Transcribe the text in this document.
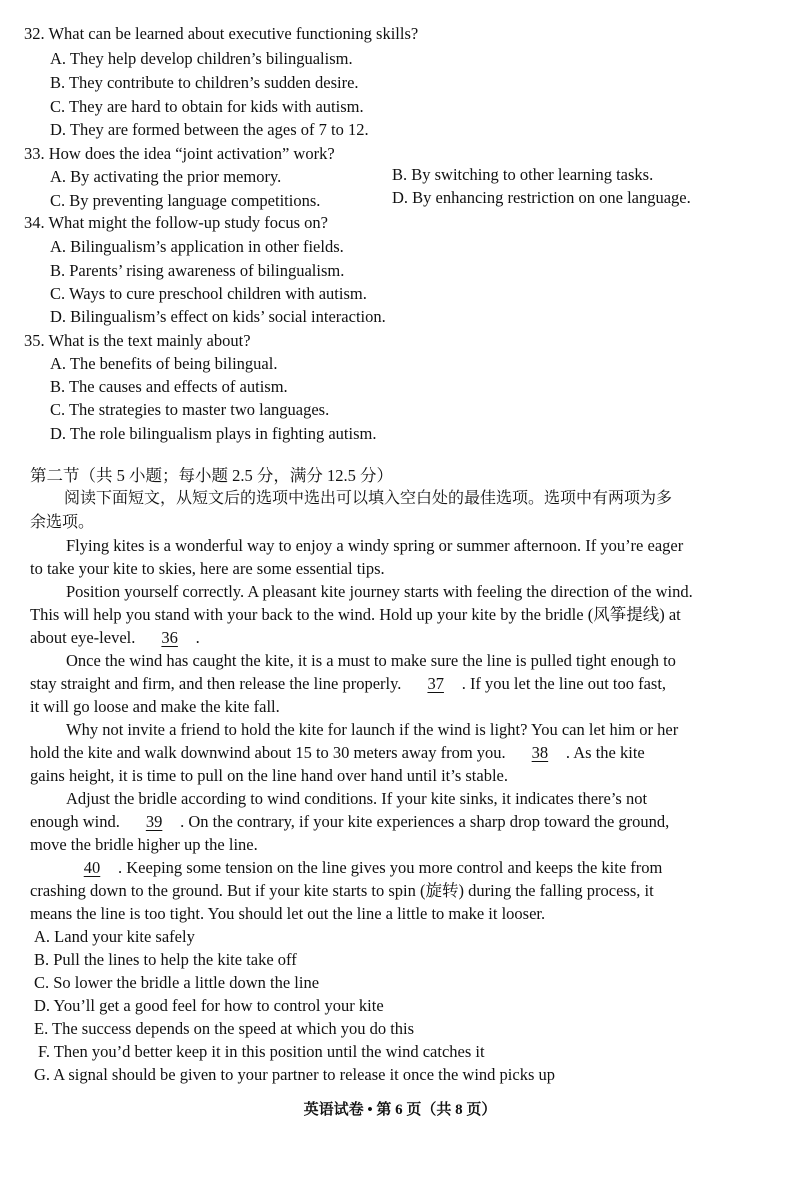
32. What can be learned about executive functioning skills?
A. They help develop children’s bilingualism.
B. They contribute to children’s sudden desire.
C. They are hard to obtain for kids with autism.
D. They are formed between the ages of 7 to 12.
33. How does the idea “joint activation” work?
A. By activating the prior memory.	B. By switching to other learning tasks.
C. By preventing language competitions.	D. By enhancing restriction on one language.
34. What might the follow-up study focus on?
A. Bilingualism’s application in other fields.
B. Parents’ rising awareness of bilingualism.
C. Ways to cure preschool children with autism.
D. Bilingualism’s effect on kids’ social interaction.
35. What is the text mainly about?
A. The benefits of being bilingual.
B. The causes and effects of autism.
C. The strategies to master two languages.
D. The role bilingualism plays in fighting autism.
第二节（共 5 小题；每小题 2.5 分，满分 12.5 分）
阅读下面短文，从短文后的选项中选出可以填入空白处的最佳选项。选项中有两项为多
余选项。
Flying kites is a wonderful way to enjoy a windy spring or summer afternoon. If you’re eager
to take your kite to skies, here are some essential tips.
Position yourself correctly. A pleasant kite journey starts with feeling the direction of the wind.
This will help you stand with your back to the wind. Hold up your kite by the bridle (风筝提线) at
about eye-level. 36 .
Once the wind has caught the kite, it is a must to make sure the line is pulled tight enough to
stay straight and firm, and then release the line properly. 37 . If you let the line out too fast,
it will go loose and make the kite fall.
Why not invite a friend to hold the kite for launch if the wind is light? You can let him or her
hold the kite and walk downwind about 15 to 30 meters away from you. 38 . As the kite
gains height, it is time to pull on the line hand over hand until it’s stable.
Adjust the bridle according to wind conditions. If your kite sinks, it indicates there’s not
enough wind. 39 . On the contrary, if your kite experiences a sharp drop toward the ground,
move the bridle higher up the line.
40 . Keeping some tension on the line gives you more control and keeps the kite from
crashing down to the ground. But if your kite starts to spin (旋转) during the falling process, it
means the line is too tight. You should let out the line a little to make it looser.
A. Land your kite safely
B. Pull the lines to help the kite take off
C. So lower the bridle a little down the line
D. You’ll get a good feel for how to control your kite
E. The success depends on the speed at which you do this
F. Then you’d better keep it in this position until the wind catches it
G. A signal should be given to your partner to release it once the wind picks up
英语试卷 • 第 6 页（共 8 页）
